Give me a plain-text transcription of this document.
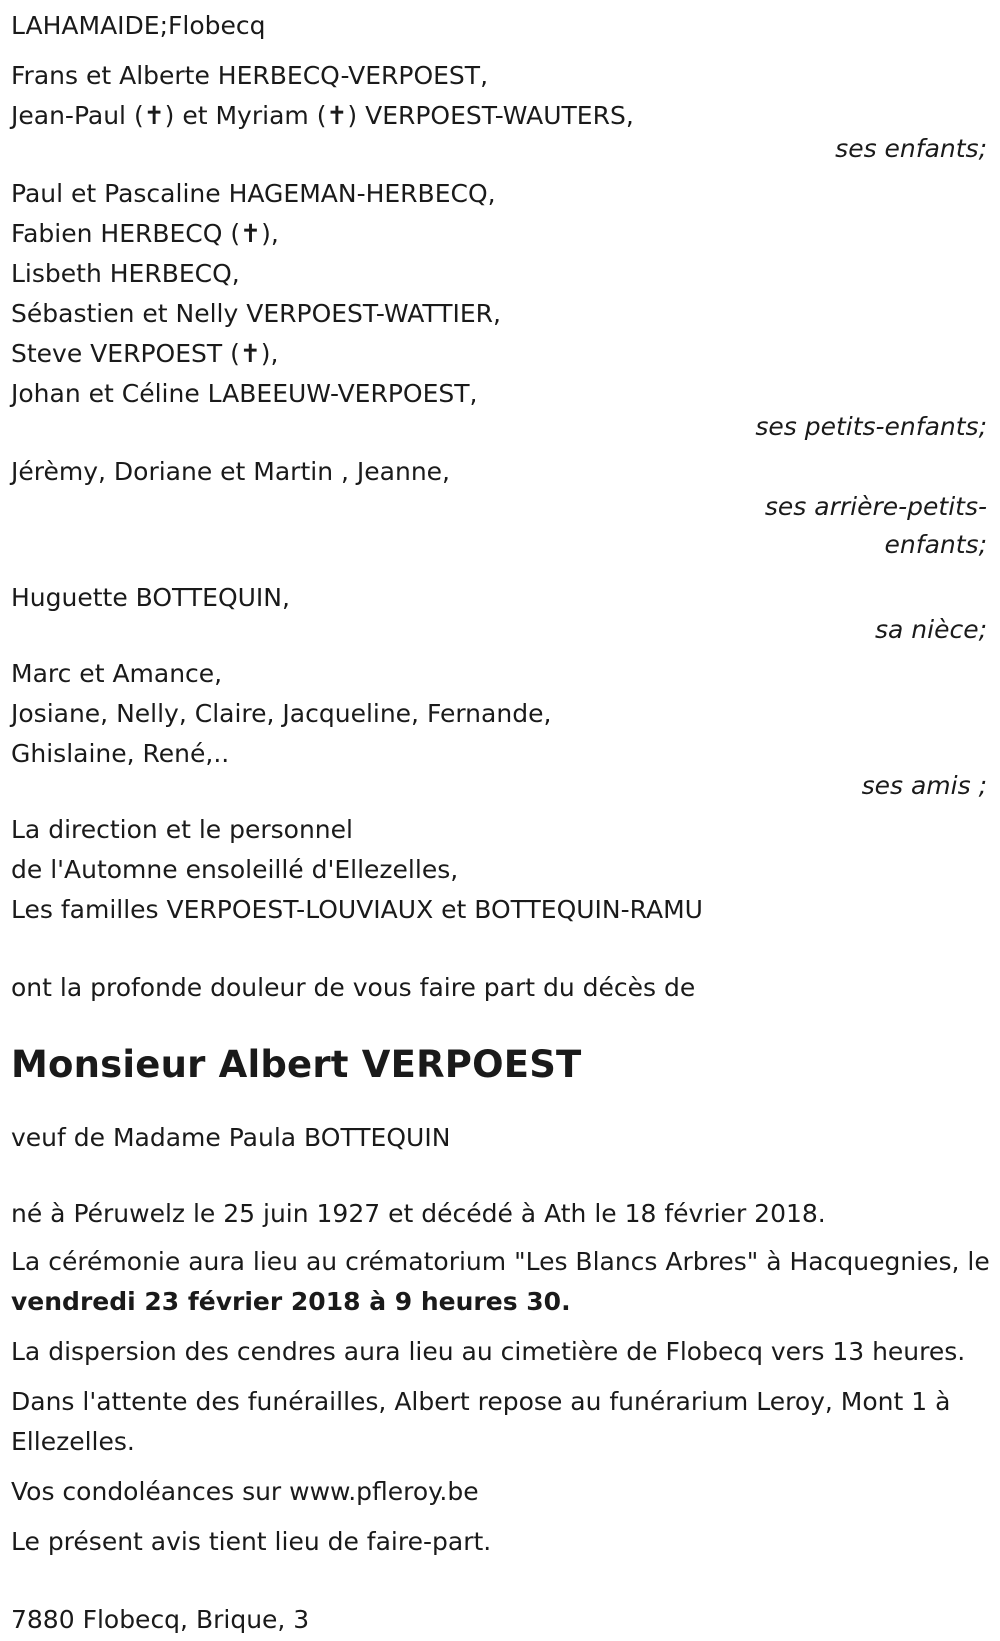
LAHAMAIDE;Flobecq
Frans et Alberte HERBECQ-VERPOEST,
Jean-Paul (✝) et Myriam (✝) VERPOEST-WAUTERS,
ses enfants;
Paul et Pascaline HAGEMAN-HERBECQ,
Fabien HERBECQ (✝),
Lisbeth HERBECQ,
Sébastien et Nelly VERPOEST-WATTIER,
Steve VERPOEST (✝),
Johan et Céline LABEEUW-VERPOEST,
ses petits-enfants;
Jérèmy, Doriane et Martin , Jeanne,
ses arrière-petits-enfants;
Huguette BOTTEQUIN,
sa nièce;
Marc et Amance,
Josiane, Nelly, Claire, Jacqueline, Fernande,
Ghislaine, René,..
ses amis ;
La direction et le personnel
de l'Automne ensoleillé d'Ellezelles,
Les familles VERPOEST-LOUVIAUX et BOTTEQUIN-RAMU
ont la profonde douleur de vous faire part du décès de
Monsieur Albert VERPOEST
veuf de Madame Paula BOTTEQUIN
né à Péruwelz le 25 juin 1927 et décédé à Ath le 18 février 2018.

La cérémonie aura lieu au crématorium "Les Blancs Arbres" à Hacquegnies, le vendredi 23 février 2018 à 9 heures 30.

La dispersion des cendres aura lieu au cimetière de Flobecq vers 13 heures.

Dans l'attente des funérailles, Albert repose au funérarium Leroy, Mont 1 à Ellezelles.

Vos condoléances sur www.pfleroy.be

Le présent avis tient lieu de faire-part.

7880 Flobecq, Brique, 3
